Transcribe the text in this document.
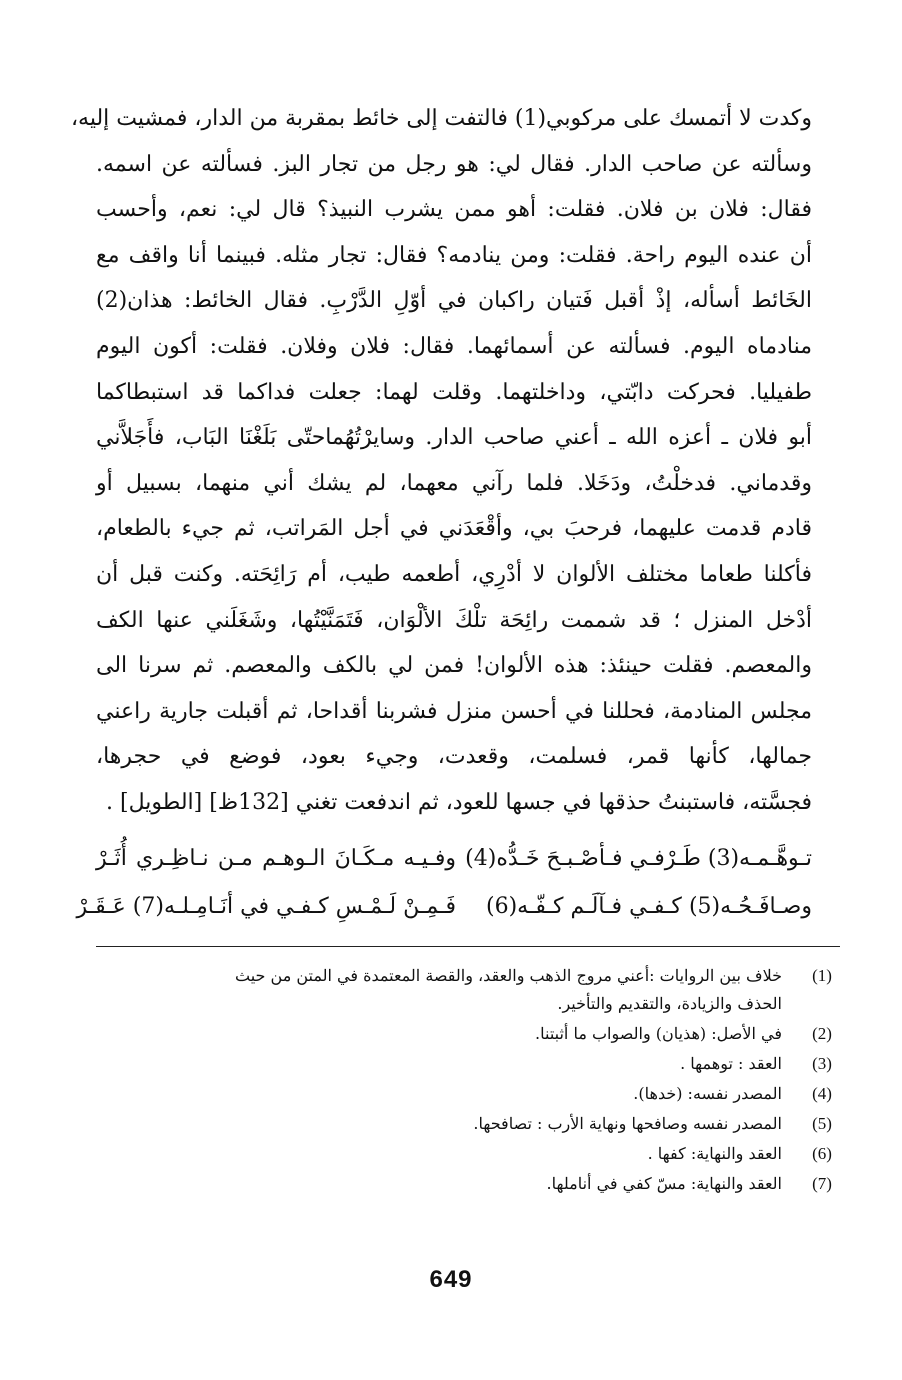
وكدت لا أتمسك على مركوبي(1) فالتفت إلى خائط بمقربة من الدار، فمشيت إليه،
وسألته عن صاحب الدار. فقال لي: هو رجل من تجار البز. فسألته عن اسمه.
فقال: فلان بن فلان. فقلت: أهو ممن يشرب النبيذ؟ قال لي: نعم، وأحسب
أن عنده اليوم راحة. فقلت: ومن ينادمه؟ فقال: تجار مثله. فبينما أنا واقف مع
الخَائط أسأله، إذْ أقبل فَتيان راكبان في أوّلِ الدَّرْبِ. فقال الخائط: هذان(2)
منادماه اليوم. فسألته عن أسمائهما. فقال: فلان وفلان. فقلت: أكون اليوم
طفيليا. فحركت دابّتي، وداخلتهما. وقلت لهما: جعلت فداكما قد استبطاكما
أبو فلان ـ أعزه الله ـ أعني صاحب الدار. وسايرْتُهُماحتّى بَلَغْنَا البَاب، فأَجَلاَّني
وقدماني. فدخلْتُ، ودَخَلا. فلما رآني معهما، لم يشك أني منهما، بسبيل أو
قادم قدمت عليهما، فرحبَ بي، وأقْعَدَني في أجل المَراتب، ثم جيء بالطعام،
فأكلنا طعاما مختلف الألوان لا أدْرِي، أطعمه طيب، أم رَائِحَته. وكنت قبل أن
أدْخل المنزل ؛ قد شممت رائِحَة تلْكَ الألْوَان، فَتَمَنَّيْتُها، وشَغَلَني عنها الكف
والمعصم. فقلت حينئذ: هذه الألوان! فمن لي بالكف والمعصم. ثم سرنا الى
مجلس المنادمة، فحللنا في أحسن منزل فشربنا أقداحا، ثم أقبلت جارية راعني
جمالها، كأنها قمر، فسلمت، وقعدت، وجيء بعود، فوضع في حجرها،
فجسَّته، فاستبنتُ حذقها في جسها للعود، ثم اندفعت تغني [132ظ] [الطويل] .
تـوهَّـمـه(3) طَـرْفـي فـأصْـبـحَ خَـدُّه(4)
وفـيـه مـكَـانَ الـوهـم مـن نـاظِـري أُثَـرْ
وصـافَـحُـه(5) كـفـي فـآلَـم كـفّـه(6)
فَـمِـنْ لَـمْـسِ كـفـي في أنَـامِـلـه(7) عَـقَـرْ
(1)
خلاف بين الروايات :أعني مروج الذهب والعقد، والقصة المعتمدة في المتن من حيث
الحذف والزيادة، والتقديم والتأخير.
(2)
في الأصل: (هذيان) والصواب ما أثبتنا.
(3)
العقد : توهمها .
(4)
المصدر نفسه: (خدها).
(5)
المصدر نفسه وصافحها ونهاية الأرب : تصافحها.
(6)
العقد والنهاية: كفها .
(7)
العقد والنهاية: مسّ كفي في أناملها.
649
